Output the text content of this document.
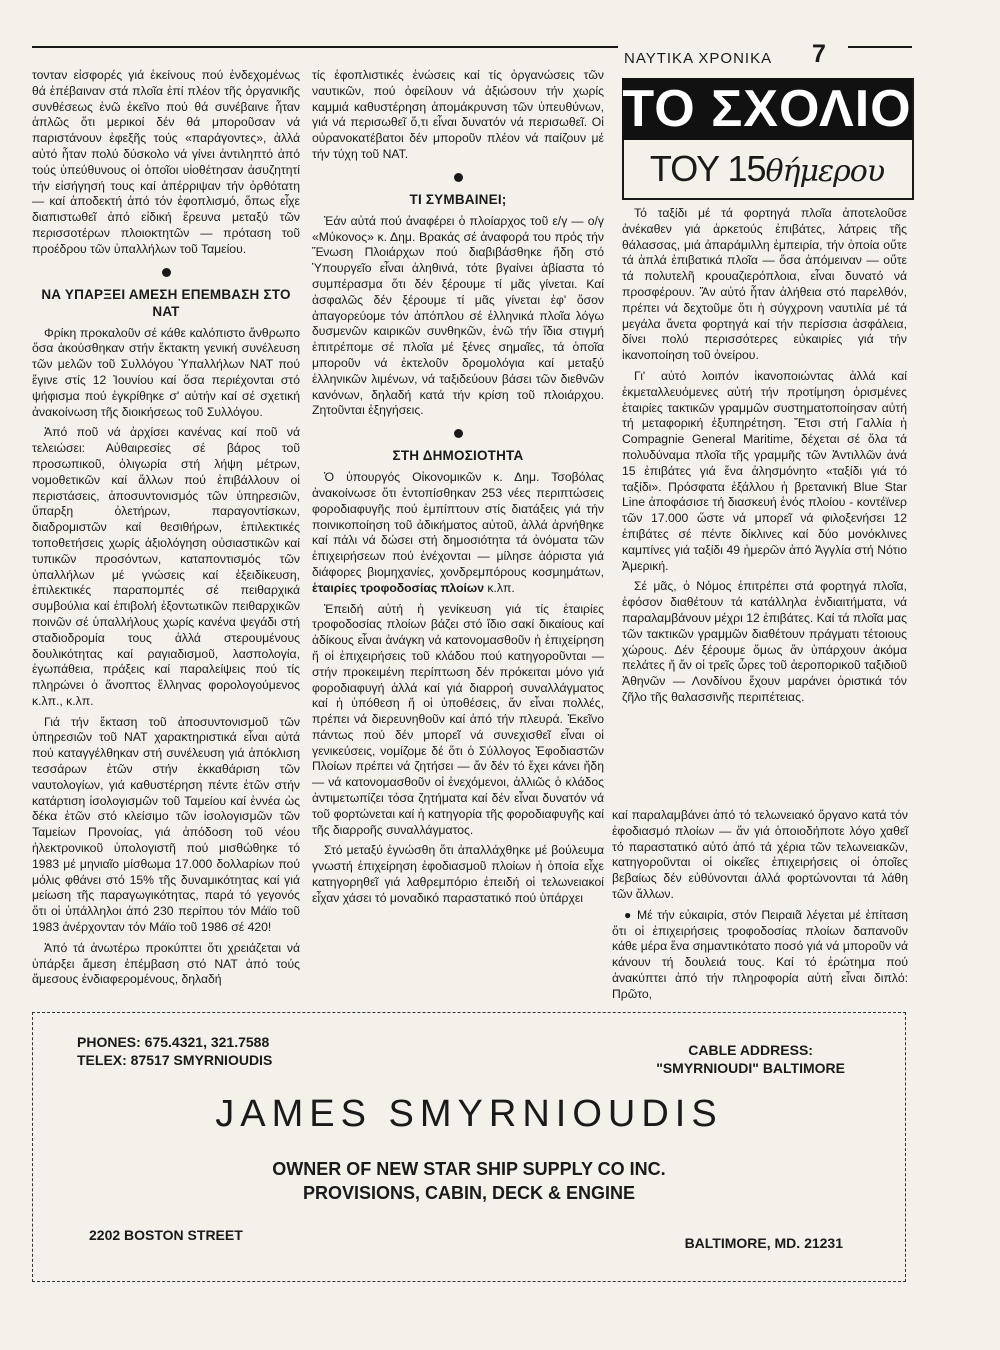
ΝΑΥΤΙΚΑ ΧΡΟΝΙΚΑ 7

τονταν εἰσφορές γιά ἐκείνους πού ἐνδεχομένως θά ἐπέβαιναν στά πλοῖα ἐπί πλέον τῆς ὀργανικῆς συνθέσεως ἐνῶ ἐκεῖνο πού θά συνέβαινε ἦταν ἁπλῶς ὅτι μερικοί δέν θά μποροῦσαν νά παριστάνουν ἐφεξῆς τούς «παράγοντες», ἀλλά αὐτό ἦταν πολύ δύσκολο νά γίνει ἀντιληπτό ἀπό τούς ὑπεύθυνους οἱ ὁποῖοι υἱοθέτησαν ἀσυζητητί τήν εἰσήγησή τους καί ἀπέρριψαν τήν ὀρθότατη — καί ἀποδεκτή ἀπό τόν ἐφοπλισμό, ὅπως εἶχε διαπιστωθεῖ ἀπό εἰδική ἔρευνα μεταξύ τῶν περισσοτέρων πλοιοκτητῶν — πρόταση τοῦ προέδρου τῶν ὑπαλλήλων τοῦ Ταμείου.

ΝΑ ΥΠΑΡΞΕΙ ΑΜΕΣΗ ΕΠΕΜΒΑΣΗ ΣΤΟ ΝΑΤ

Φρίκη προκαλοῦν σέ κάθε καλόπιστο ἄνθρωπο ὅσα ἀκούσθηκαν στήν ἔκτακτη γενική συνέλευση τῶν μελῶν τοῦ Συλλόγου Ὑπαλλήλων ΝΑΤ πού ἔγινε στίς 12 Ἰουνίου καί ὅσα περιέχονται στό ψήφισμα πού ἐγκρίθηκε σ' αὐτήν καί σέ σχετική ἀνακοίνωση τῆς διοικήσεως τοῦ Συλλόγου.

Ἀπό ποῦ νά ἀρχίσει κανένας καί ποῦ νά τελειώσει: Αὐθαιρεσίες σέ βάρος τοῦ προσωπικοῦ, ὀλιγωρία στή λήψη μέτρων, νομοθετικῶν καί ἄλλων πού ἐπιβάλλουν οἱ περιστάσεις, ἀποσυντονισμός τῶν ὑπηρεσιῶν, ὕπαρξη ὀλετήρων, παραγοντίσκων, διαδρομιστῶν καί θεσιθήρων, ἐπιλεκτικές τοποθετήσεις χωρίς ἀξιολόγηση οὐσιαστικῶν καί τυπικῶν προσόντων, καταποντισμός τῶν ὑπαλλήλων μέ γνώσεις καί ἐξειδίκευση, ἐπιλεκτικές παραπομπές σέ πειθαρχικά συμβούλια καί ἐπιβολή ἐξοντωτικῶν πειθαρχικῶν ποινῶν σέ ὑπαλλήλους χωρίς κανένα ψεγάδι στή σταδιοδρομία τους ἀλλά στερουμένους δουλικότητας καί ραγιαδισμοῦ, λασπολογία, ἐγωπάθεια, πράξεις καί παραλείψεις πού τίς πληρώνει ὁ ἄνοπτος ἕλληνας φορολογούμενος κ.λπ., κ.λπ.

Γιά τήν ἔκταση τοῦ ἀποσυντονισμοῦ τῶν ὑπηρεσιῶν τοῦ ΝΑΤ χαρακτηριστικά εἶναι αὐτά πού καταγγέλθηκαν στή συνέλευση γιά ἀπόκλιση τεσσάρων ἐτῶν στήν ἐκκαθάριση τῶν ναυτολογίων, γιά καθυστέρηση πέντε ἐτῶν στήν κατάρτιση ἰσολογισμῶν τοῦ Ταμείου καί ἐννέα ὡς δέκα ἐτῶν στό κλείσιμο τῶν ἰσολογισμῶν τῶν Ταμείων Προνοίας, γιά ἀπόδοση τοῦ νέου ἠλεκτρονικοῦ ὑπολογιστῆ πού μισθώθηκε τό 1983 μέ μηνιαῖο μίσθωμα 17.000 δολλαρίων πού μόλις φθάνει στό 15% τῆς δυναμικότητας καί γιά μείωση τῆς παραγωγικότητας, παρά τό γεγονός ὅτι οἱ ὑπάλληλοι ἀπό 230 περίπου τόν Μάϊο τοῦ 1983 ἀνέρχονταν τόν Μάϊο τοῦ 1986 σέ 420!

Ἀπό τά ἀνωτέρω προκύπτει ὅτι χρειάζεται νά ὑπάρξει ἄμεση ἐπέμβαση στό ΝΑΤ ἀπό τούς ἄμεσους ἐνδιαφερομένους, δηλαδή

τίς ἐφοπλιστικές ἑνώσεις καί τίς ὀργανώσεις τῶν ναυτικῶν, πού ὀφείλουν νά ἀξιώσουν τήν χωρίς καμμιά καθυστέρηση ἀπομάκρυνση τῶν ὑπευθύνων, γιά νά περισωθεῖ ὅ,τι εἶναι δυνατόν νά περισωθεῖ. Οἱ οὐρανοκατέβατοι δέν μποροῦν πλέον νά παίζουν μέ τήν τύχη τοῦ ΝΑΤ.

ΤΙ ΣΥΜΒΑΙΝΕΙ;

Ἐάν αὐτά πού ἀναφέρει ὁ πλοίαρχος τοῦ ε/γ — ο/γ «Μύκονος» κ. Δημ. Βρακάς σέ ἀναφορά του πρός τήν Ἕνωση Πλοιάρχων πού διαβιβάσθηκε ἤδη στό Ὑπουργεῖο εἶναι ἀληθινά, τότε βγαίνει ἀβίαστα τό συμπέρασμα ὅτι δέν ξέρουμε τί μᾶς γίνεται. Καί ἀσφαλῶς δέν ξέρουμε τί μᾶς γίνεται ἐφ' ὅσον ἀπαγορεύομε τόν ἀπόπλου σέ ἑλληνικά πλοῖα λόγω δυσμενῶν καιρικῶν συνθηκῶν, ἐνῶ τήν ἴδια στιγμή ἐπιτρέπομε σέ πλοῖα μέ ξένες σημαῖες, τά ὁποῖα μποροῦν νά ἐκτελοῦν δρομολόγια καί μεταξύ ἑλληνικῶν λιμένων, νά ταξιδεύουν βάσει τῶν διεθνῶν κανόνων, δηλαδή κατά τήν κρίση τοῦ πλοιάρχου. Ζητοῦνται ἐξηγήσεις.

ΣΤΗ ΔΗΜΟΣΙΟΤΗΤΑ

Ὁ ὑπουργός Οἰκονομικῶν κ. Δημ. Τσοβόλας ἀνακοίνωσε ὅτι ἐντοπίσθηκαν 253 νέες περιπτώσεις φοροδιαφυγῆς πού ἐμπίπτουν στίς διατάξεις γιά τήν ποινικοποίηση τοῦ ἀδικήματος αὐτοῦ, ἀλλά ἀρνήθηκε καί πάλι νά δώσει στή δημοσιότητα τά ὀνόματα τῶν ἐπιχειρήσεων πού ἐνέχονται — μίλησε ἀόριστα γιά διάφορες βιομηχανίες, χονδρεμπόρους κοσμημάτων, ἑταιρίες τροφοδοσίας πλοίων κ.λπ.

Ἐπειδή αὐτή ἡ γενίκευση γιά τίς ἑταιρίες τροφοδοσίας πλοίων βάζει στό ἴδιο σακί δικαίους καί ἀδίκους εἶναι ἀνάγκη νά κατονομασθοῦν ἡ ἐπιχείρηση ἤ οἱ ἐπιχειρήσεις τοῦ κλάδου πού κατηγοροῦνται — στήν προκειμένη περίπτωση δέν πρόκειται μόνο γιά φοροδιαφυγή ἀλλά καί γιά διαρροή συναλλάγματος καί ἡ ὑπόθεση ἤ οἱ ὑποθέσεις, ἄν εἶναι πολλές, πρέπει νά διερευνηθοῦν καί ἀπό τήν πλευρά. Ἐκεῖνο πάντως πού δέν μπορεῖ νά συνεχισθεῖ εἶναι οἱ γενικεύσεις, νομίζομε δέ ὅτι ὁ Σύλλογος Ἐφοδιαστῶν Πλοίων πρέπει νά ζητήσει — ἄν δέν τό ἔχει κάνει ἤδη — νά κατονομασθοῦν οἱ ἐνεχόμενοι, ἀλλιῶς ὁ κλάδος ἀντιμετωπίζει τόσα ζητήματα καί δέν εἶναι δυνατόν νά τοῦ φορτώνεται καί ἡ κατηγορία τῆς φοροδιαφυγῆς καί τῆς διαρροῆς συναλλάγματος.

Στό μεταξύ ἐγνώσθη ὅτι ἀπαλλάχθηκε μέ βούλευμα γνωστή ἐπιχείρηση ἐφοδιασμοῦ πλοίων ἡ ὁποία εἶχε κατηγορηθεῖ γιά λαθρεμπόριο ἐπειδή οἱ τελωνειακοί εἶχαν χάσει τό μοναδικό παραστατικό πού ὑπάρχει

ΤΟ ΣΧΟΛΙΟ
ΤΟΥ 15θήμερου

Τό ταξίδι μέ τά φορτηγά πλοῖα ἀποτελοῦσε ἀνέκαθεν γιά ἀρκετούς ἐπιβάτες, λάτρεις τῆς θάλασσας, μιά ἀπαράμιλλη ἐμπειρία, τήν ὁποία οὔτε τά ἁπλά ἐπιβατικά πλοῖα — ὅσα ἀπόμειναν — οὔτε τά πολυτελῆ κρουαζιερόπλοια, εἶναι δυνατό νά προσφέρουν. Ἄν αὐτό ἦταν ἀλήθεια στό παρελθόν, πρέπει νά δεχτοῦμε ὅτι ἡ σύγχρονη ναυτιλία μέ τά μεγάλα ἄνετα φορτηγά καί τήν περίσσια ἀσφάλεια, δίνει πολύ περισσότερες εὐκαιρίες γιά τήν ἱκανοποίηση τοῦ ὀνείρου.

Γι' αὐτό λοιπόν ἱκανοποιώντας ἀλλά καί ἐκμεταλλευόμενες αὐτή τήν προτίμηση ὁρισμένες ἑταιρίες τακτικῶν γραμμῶν συστηματοποίησαν αὐτή τή μεταφορική ἐξυπηρέτηση. Ἔτσι στή Γαλλία ἡ Compagnie General Maritime, δέχεται σέ ὅλα τά πολυδύναμα πλοῖα τῆς γραμμῆς τῶν Ἀντιλλῶν ἀνά 15 ἐπιβάτες γιά ἕνα ἀλησμόνητο «ταξίδι γιά τό ταξίδι». Πρόσφατα ἐξάλλου ἡ βρετανική Blue Star Line ἀποφάσισε τή διασκευή ἑνός πλοίου - κοντέϊνερ τῶν 17.000 ὥστε νά μπορεῖ νά φιλοξενήσει 12 ἐπιβάτες σέ πέντε δίκλινες καί δύο μονόκλινες καμπίνες γιά ταξίδι 49 ἡμερῶν ἀπό Ἀγγλία στή Νότιο Ἀμερική.

Σέ μᾶς, ὁ Νόμος ἐπιτρέπει στά φορτηγά πλοῖα, ἐφόσον διαθέτουν τά κατάλληλα ἐνδιαιτήματα, νά παραλαμβάνουν μέχρι 12 ἐπιβάτες. Καί τά πλοῖα μας τῶν τακτικῶν γραμμῶν διαθέτουν πράγματι τέτοιους χώρους. Δέν ξέρουμε ὅμως ἄν ὑπάρχουν ἀκόμα πελάτες ἤ ἄν οἱ τρεῖς ὧρες τοῦ ἀεροπορικοῦ ταξιδιοῦ Ἀθηνῶν — Λονδίνου ἔχουν μαράνει ὁριστικά τόν ζῆλο τῆς θαλασσινῆς περιπέτειας.

καί παραλαμβάνει ἀπό τό τελωνειακό ὄργανο κατά τόν ἐφοδιασμό πλοίων — ἄν γιά ὁποιοδήποτε λόγο χαθεῖ τό παραστατικό αὐτό ἀπό τά χέρια τῶν τελωνειακῶν, κατηγοροῦνται οἱ οἰκεῖες ἐπιχειρήσεις οἱ ὁποῖες βεβαίως δέν εὐθύνονται ἀλλά φορτώνονται τά λάθη τῶν ἄλλων.

● Μέ τήν εὐκαιρία, στόν Πειραιᾶ λέγεται μέ ἐπίταση ὅτι οἱ ἐπιχειρήσεις τροφοδοσίας πλοίων δαπανοῦν κάθε μέρα ἕνα σημαντικότατο ποσό γιά νά μποροῦν νά κάνουν τή δουλειά τους. Καί τό ἐρώτημα πού ἀνακύπτει ἀπό τήν πληροφορία αὐτή εἶναι διπλό: Πρῶτο,

PHONES: 675.4321, 321.7588
TELEX: 87517 SMYRNIOUDIS
CABLE ADDRESS:
"SMYRNIOUDI" BALTIMORE
JAMES SMYRNIOUDIS
OWNER OF NEW STAR SHIP SUPPLY CO INC.
PROVISIONS, CABIN, DECK & ENGINE
2202 BOSTON STREET	BALTIMORE, MD. 21231
